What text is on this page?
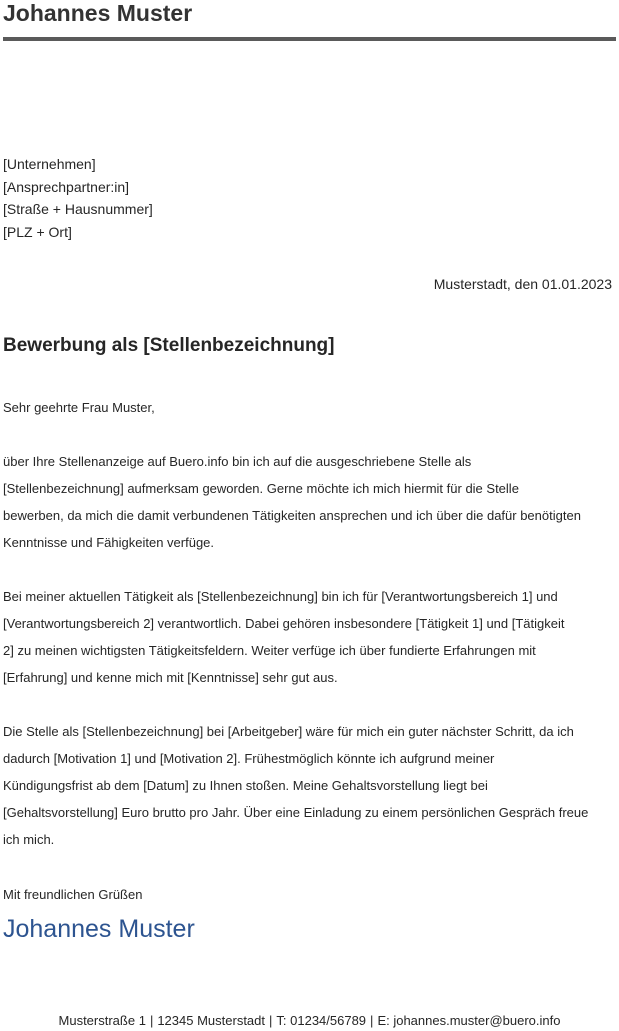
Johannes Muster
[Unternehmen]
[Ansprechpartner:in]
[Straße + Hausnummer]
[PLZ + Ort]
Musterstadt, den 01.01.2023
Bewerbung als [Stellenbezeichnung]
Sehr geehrte Frau Muster,
über Ihre Stellenanzeige auf Buero.info bin ich auf die ausgeschriebene Stelle als
[Stellenbezeichnung] aufmerksam geworden. Gerne möchte ich mich hiermit für die Stelle
bewerben, da mich die damit verbundenen Tätigkeiten ansprechen und ich über die dafür benötigten
Kenntnisse und Fähigkeiten verfüge.
Bei meiner aktuellen Tätigkeit als [Stellenbezeichnung] bin ich für [Verantwortungsbereich 1] und
[Verantwortungsbereich 2] verantwortlich. Dabei gehören insbesondere [Tätigkeit 1] und [Tätigkeit
2] zu meinen wichtigsten Tätigkeitsfeldern. Weiter verfüge ich über fundierte Erfahrungen mit
[Erfahrung] und kenne mich mit [Kenntnisse] sehr gut aus.
Die Stelle als [Stellenbezeichnung] bei [Arbeitgeber] wäre für mich ein guter nächster Schritt, da ich
dadurch [Motivation 1] und [Motivation 2]. Frühestmöglich könnte ich aufgrund meiner
Kündigungsfrist ab dem [Datum] zu Ihnen stoßen. Meine Gehaltsvorstellung liegt bei
[Gehaltsvorstellung] Euro brutto pro Jahr. Über eine Einladung zu einem persönlichen Gespräch freue
ich mich.
Mit freundlichen Grüßen
Johannes Muster
Musterstraße 1 | 12345 Musterstadt | T: 01234/56789 | E: johannes.muster@buero.info
